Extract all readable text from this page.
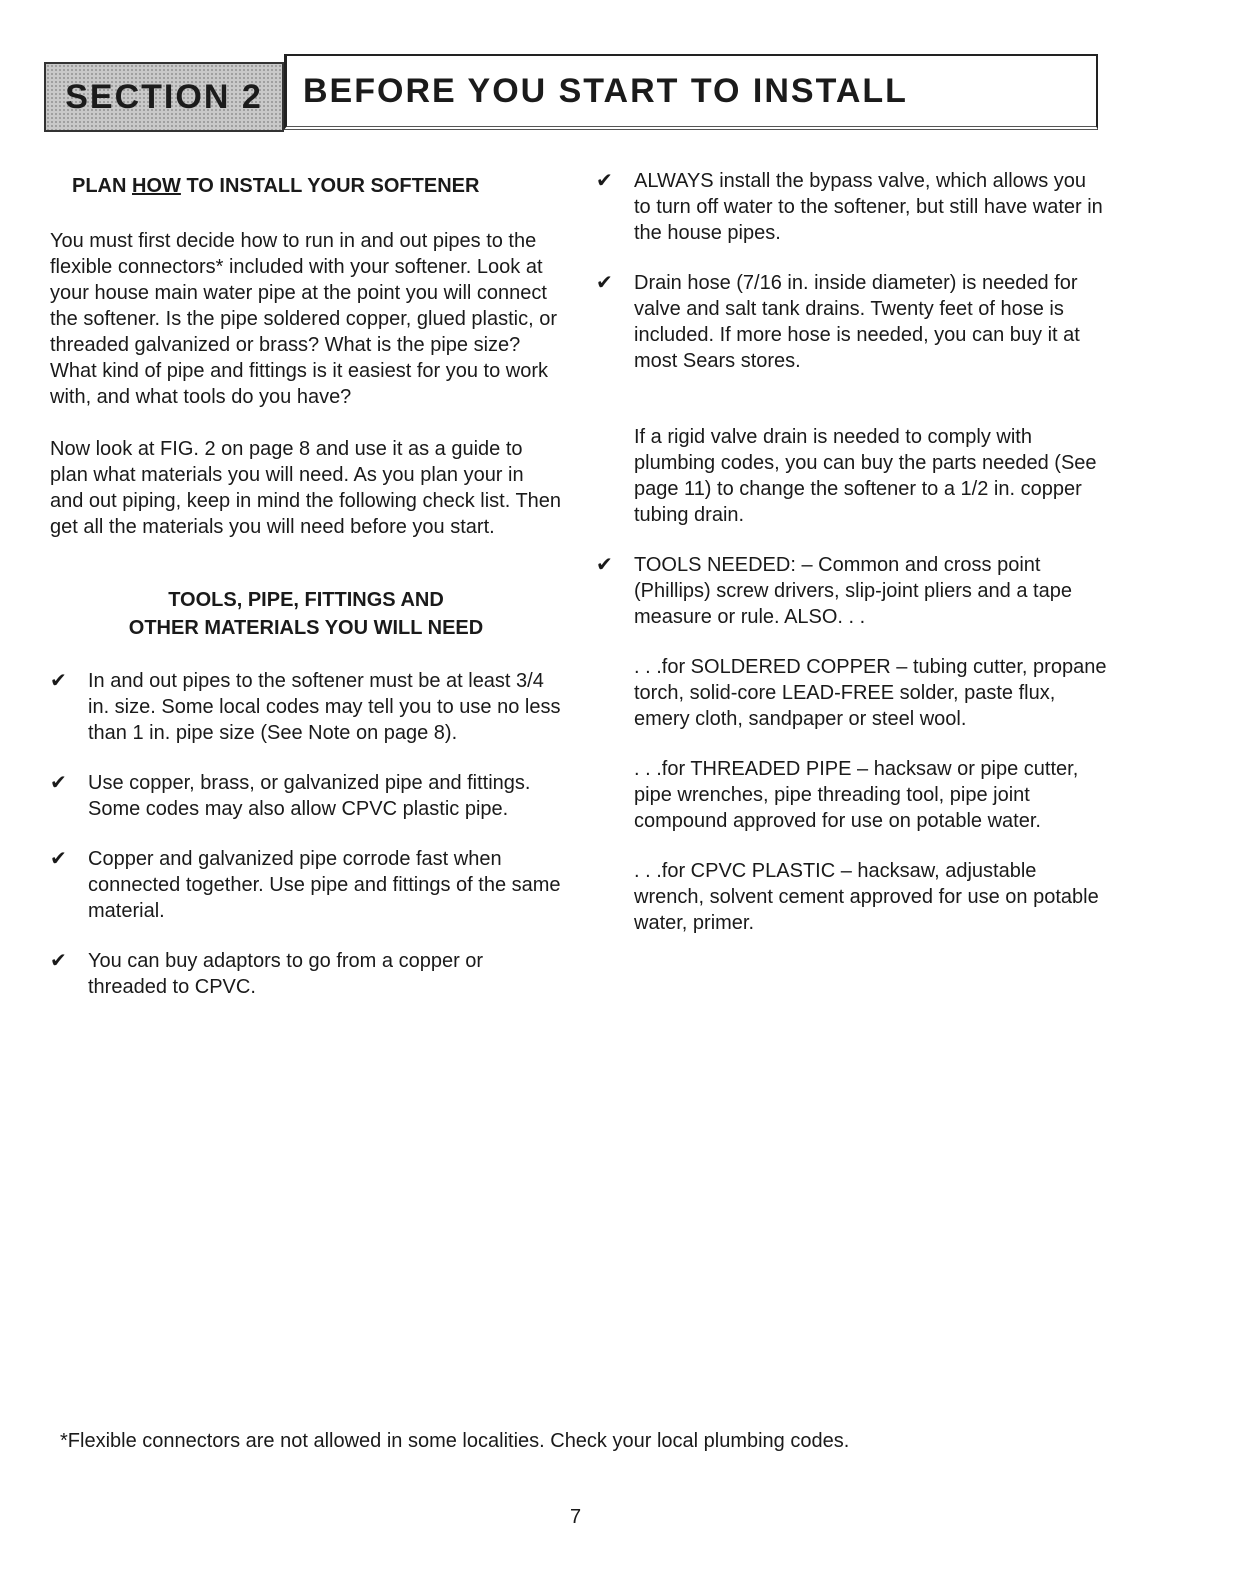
SECTION 2 BEFORE YOU START TO INSTALL
PLAN HOW TO INSTALL YOUR SOFTENER

You must first decide how to run in and out pipes to the flexible connectors* included with your softener. Look at your house main water pipe at the point you will connect the softener. Is the pipe soldered copper, glued plastic, or threaded galvanized or brass? What is the pipe size? What kind of pipe and fittings is it easiest for you to work with, and what tools do you have?

Now look at FIG. 2 on page 8 and use it as a guide to plan what materials you will need. As you plan your in and out piping, keep in mind the following check list. Then get all the materials you will need before you start.

TOOLS, PIPE, FITTINGS AND
OTHER MATERIALS YOU WILL NEED
✔	In and out pipes to the softener must be at least 3/4 in. size. Some local codes may tell you to use no less than 1 in. pipe size (See Note on page 8).

✔	Use copper, brass, or galvanized pipe and fittings. Some codes may also allow CPVC plastic pipe.

✔	Copper and galvanized pipe corrode fast when connected together. Use pipe and fittings of the same material.

✔	You can buy adaptors to go from a copper or threaded to CPVC.

✔	ALWAYS install the bypass valve, which allows you to turn off water to the softener, but still have water in the house pipes.

✔	Drain hose (7/16 in. inside diameter) is needed for valve and salt tank drains. Twenty feet of hose is included. If more hose is needed, you can buy it at most Sears stores.

If a rigid valve drain is needed to comply with plumbing codes, you can buy the parts needed (See page 11) to change the softener to a 1/2 in. copper tubing drain.

✔	TOOLS NEEDED: – Common and cross point (Phillips) screw drivers, slip-joint pliers and a tape measure or rule. ALSO. . .

. . .for SOLDERED COPPER – tubing cutter, propane torch, solid-core LEAD-FREE solder, paste flux, emery cloth, sandpaper or steel wool.

. . .for THREADED PIPE – hacksaw or pipe cutter, pipe wrenches, pipe threading tool, pipe joint compound approved for use on potable water.

. . .for CPVC PLASTIC – hacksaw, adjustable wrench, solvent cement approved for use on potable water, primer.

*Flexible connectors are not allowed in some localities. Check your local plumbing codes.

7
